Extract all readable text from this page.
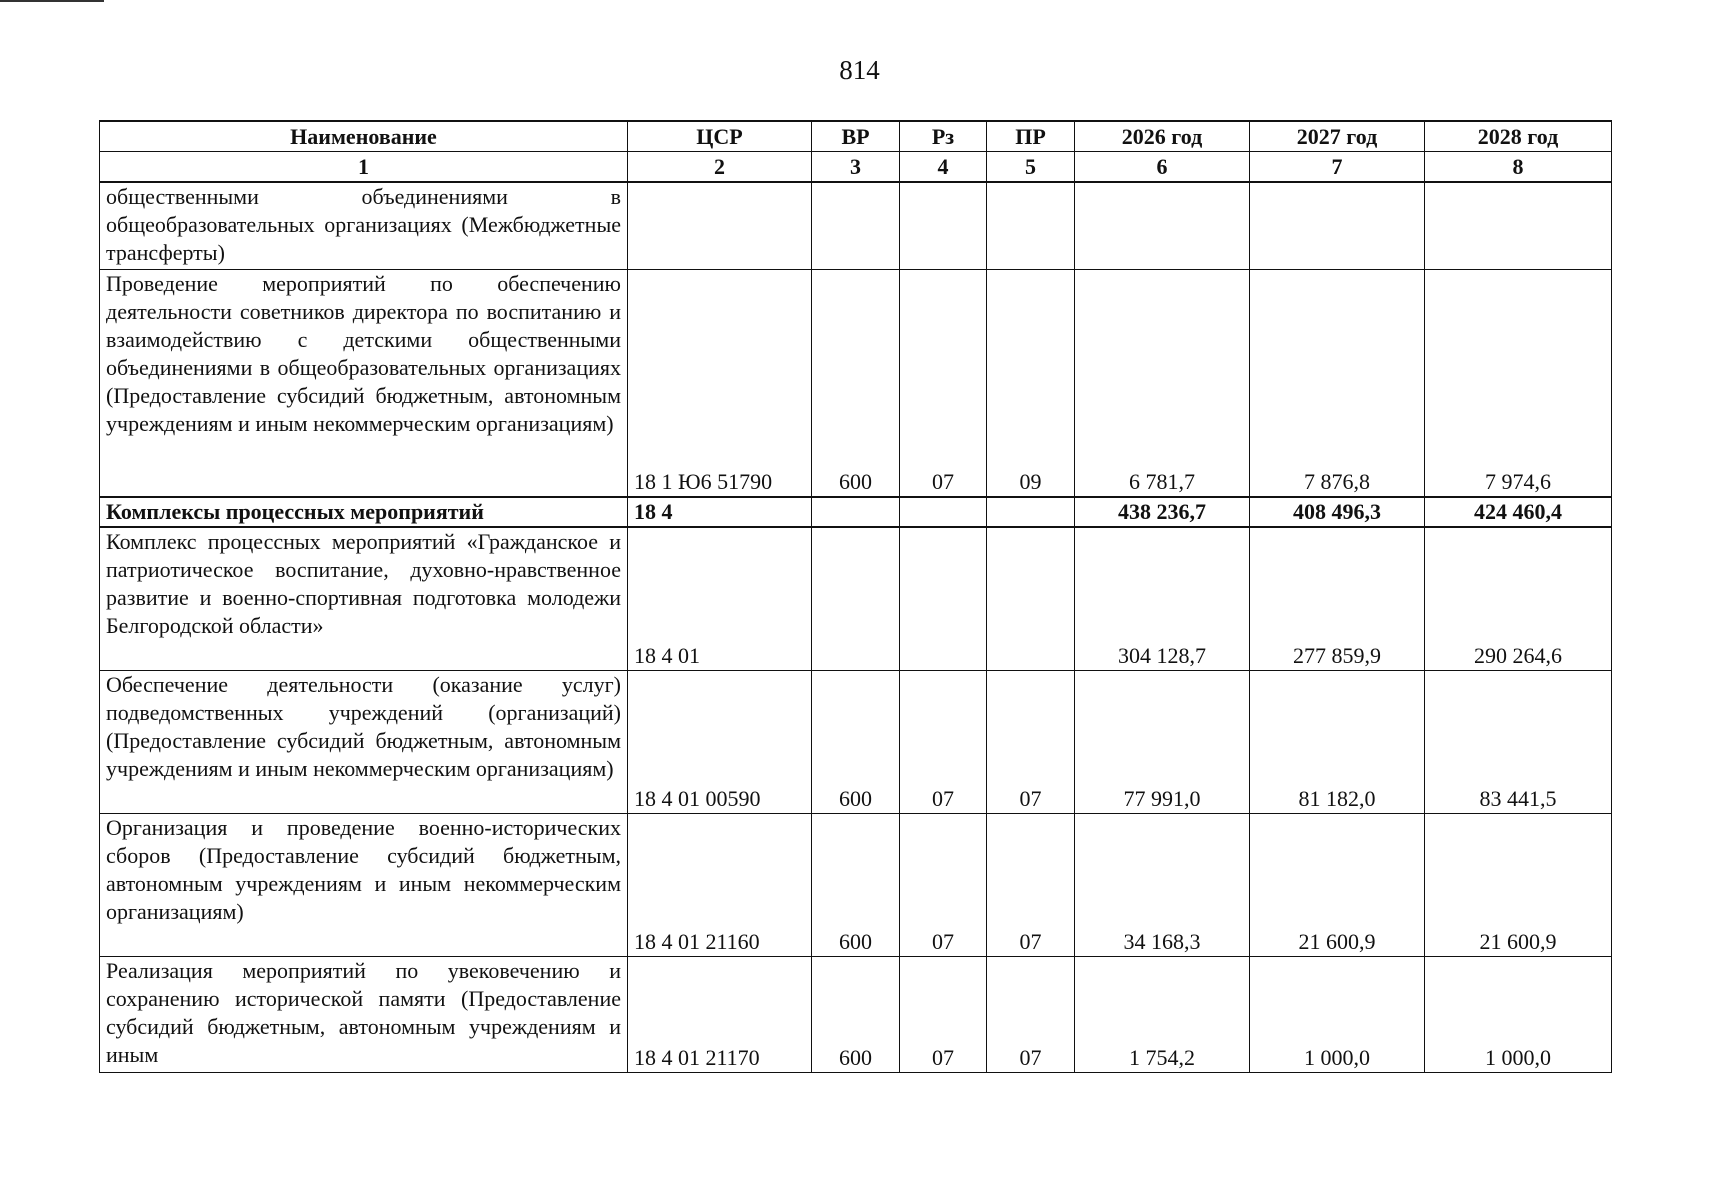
814
Наименование	ЦСР	ВР	Рз	ПР	2026 год	2027 год	2028 год
1	2	3	4	5	6	7	8
общественными объединениями в общеобразовательных организациях (Межбюджетные трансферты)							
Проведение мероприятий по обеспечению деятельности советников директора по воспитанию и взаимодействию с детскими общественными объединениями в общеобразовательных организациях (Предоставление субсидий бюджетным, автономным учреждениям и иным некоммерческим организациям)	18 1 Ю6 51790	600	07	09	6 781,7	7 876,8	7 974,6
Комплексы процессных мероприятий	18 4				438 236,7	408 496,3	424 460,4
Комплекс процессных мероприятий «Гражданское и патриотическое воспитание, духовно-нравственное развитие и военно-спортивная подготовка молодежи Белгородской области»	18 4 01				304 128,7	277 859,9	290 264,6
Обеспечение деятельности (оказание услуг) подведомственных учреждений (организаций) (Предоставление субсидий бюджетным, автономным учреждениям и иным некоммерческим организациям)	18 4 01 00590	600	07	07	77 991,0	81 182,0	83 441,5
Организация и проведение военно-исторических сборов (Предоставление субсидий бюджетным, автономным учреждениям и иным некоммерческим организациям)	18 4 01 21160	600	07	07	34 168,3	21 600,9	21 600,9
Реализация мероприятий по увековечению и сохранению исторической памяти (Предоставление субсидий бюджетным, автономным учреждениям и иным	18 4 01 21170	600	07	07	1 754,2	1 000,0	1 000,0
